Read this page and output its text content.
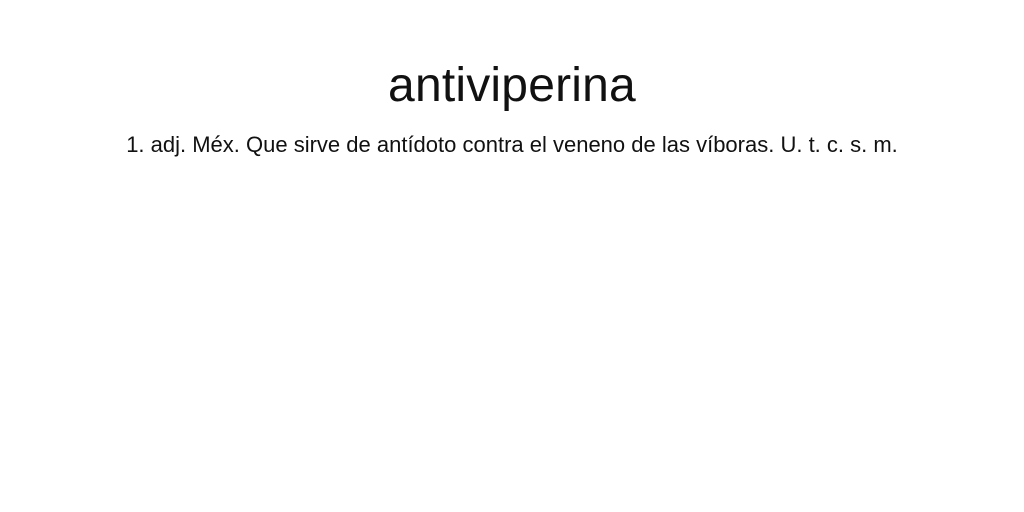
antiviperina

1. adj. Méx. Que sirve de antídoto contra el veneno de las víboras. U. t. c. s. m.
